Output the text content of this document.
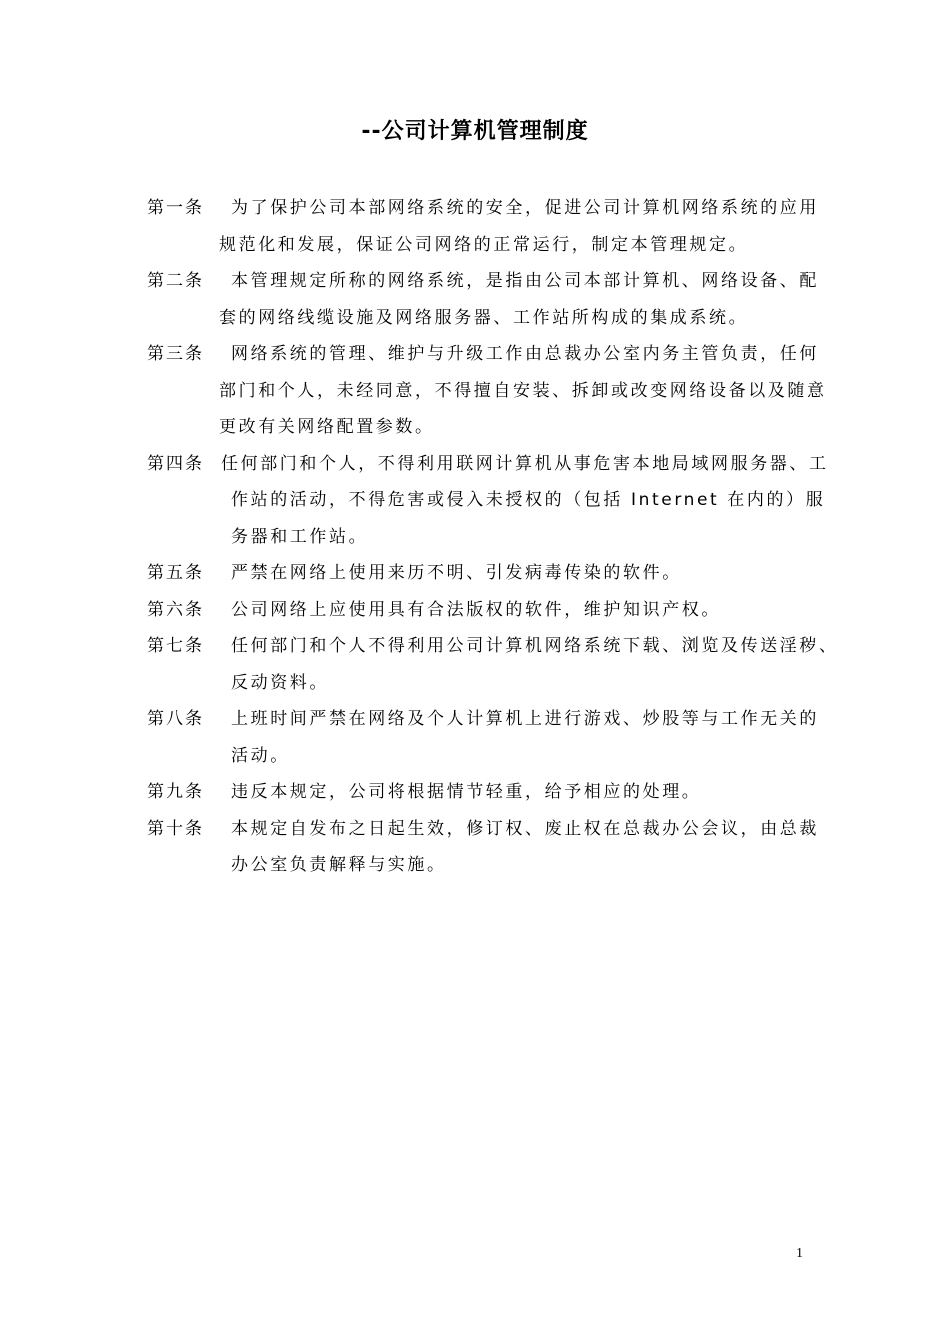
--公司计算机管理制度
第一条	为了保护公司本部网络系统的安全，促进公司计算机网络系统的应用
规范化和发展，保证公司网络的正常运行，制定本管理规定。
第二条	本管理规定所称的网络系统，是指由公司本部计算机、网络设备、配
套的网络线缆设施及网络服务器、工作站所构成的集成系统。
第三条	网络系统的管理、维护与升级工作由总裁办公室内务主管负责，任何
部门和个人，未经同意，不得擅自安装、拆卸或改变网络设备以及随意
更改有关网络配置参数。
第四条	任何部门和个人，不得利用联网计算机从事危害本地局域网服务器、工
作站的活动，不得危害或侵入未授权的（包括 Internet 在内的）服
务器和工作站。
第五条	严禁在网络上使用来历不明、引发病毒传染的软件。
第六条	公司网络上应使用具有合法版权的软件，维护知识产权。
第七条	任何部门和个人不得利用公司计算机网络系统下载、浏览及传送淫秽、
反动资料。
第八条	上班时间严禁在网络及个人计算机上进行游戏、炒股等与工作无关的
活动。
第九条	违反本规定，公司将根据情节轻重，给予相应的处理。
第十条	本规定自发布之日起生效，修订权、废止权在总裁办公会议，由总裁
办公室负责解释与实施。
1
